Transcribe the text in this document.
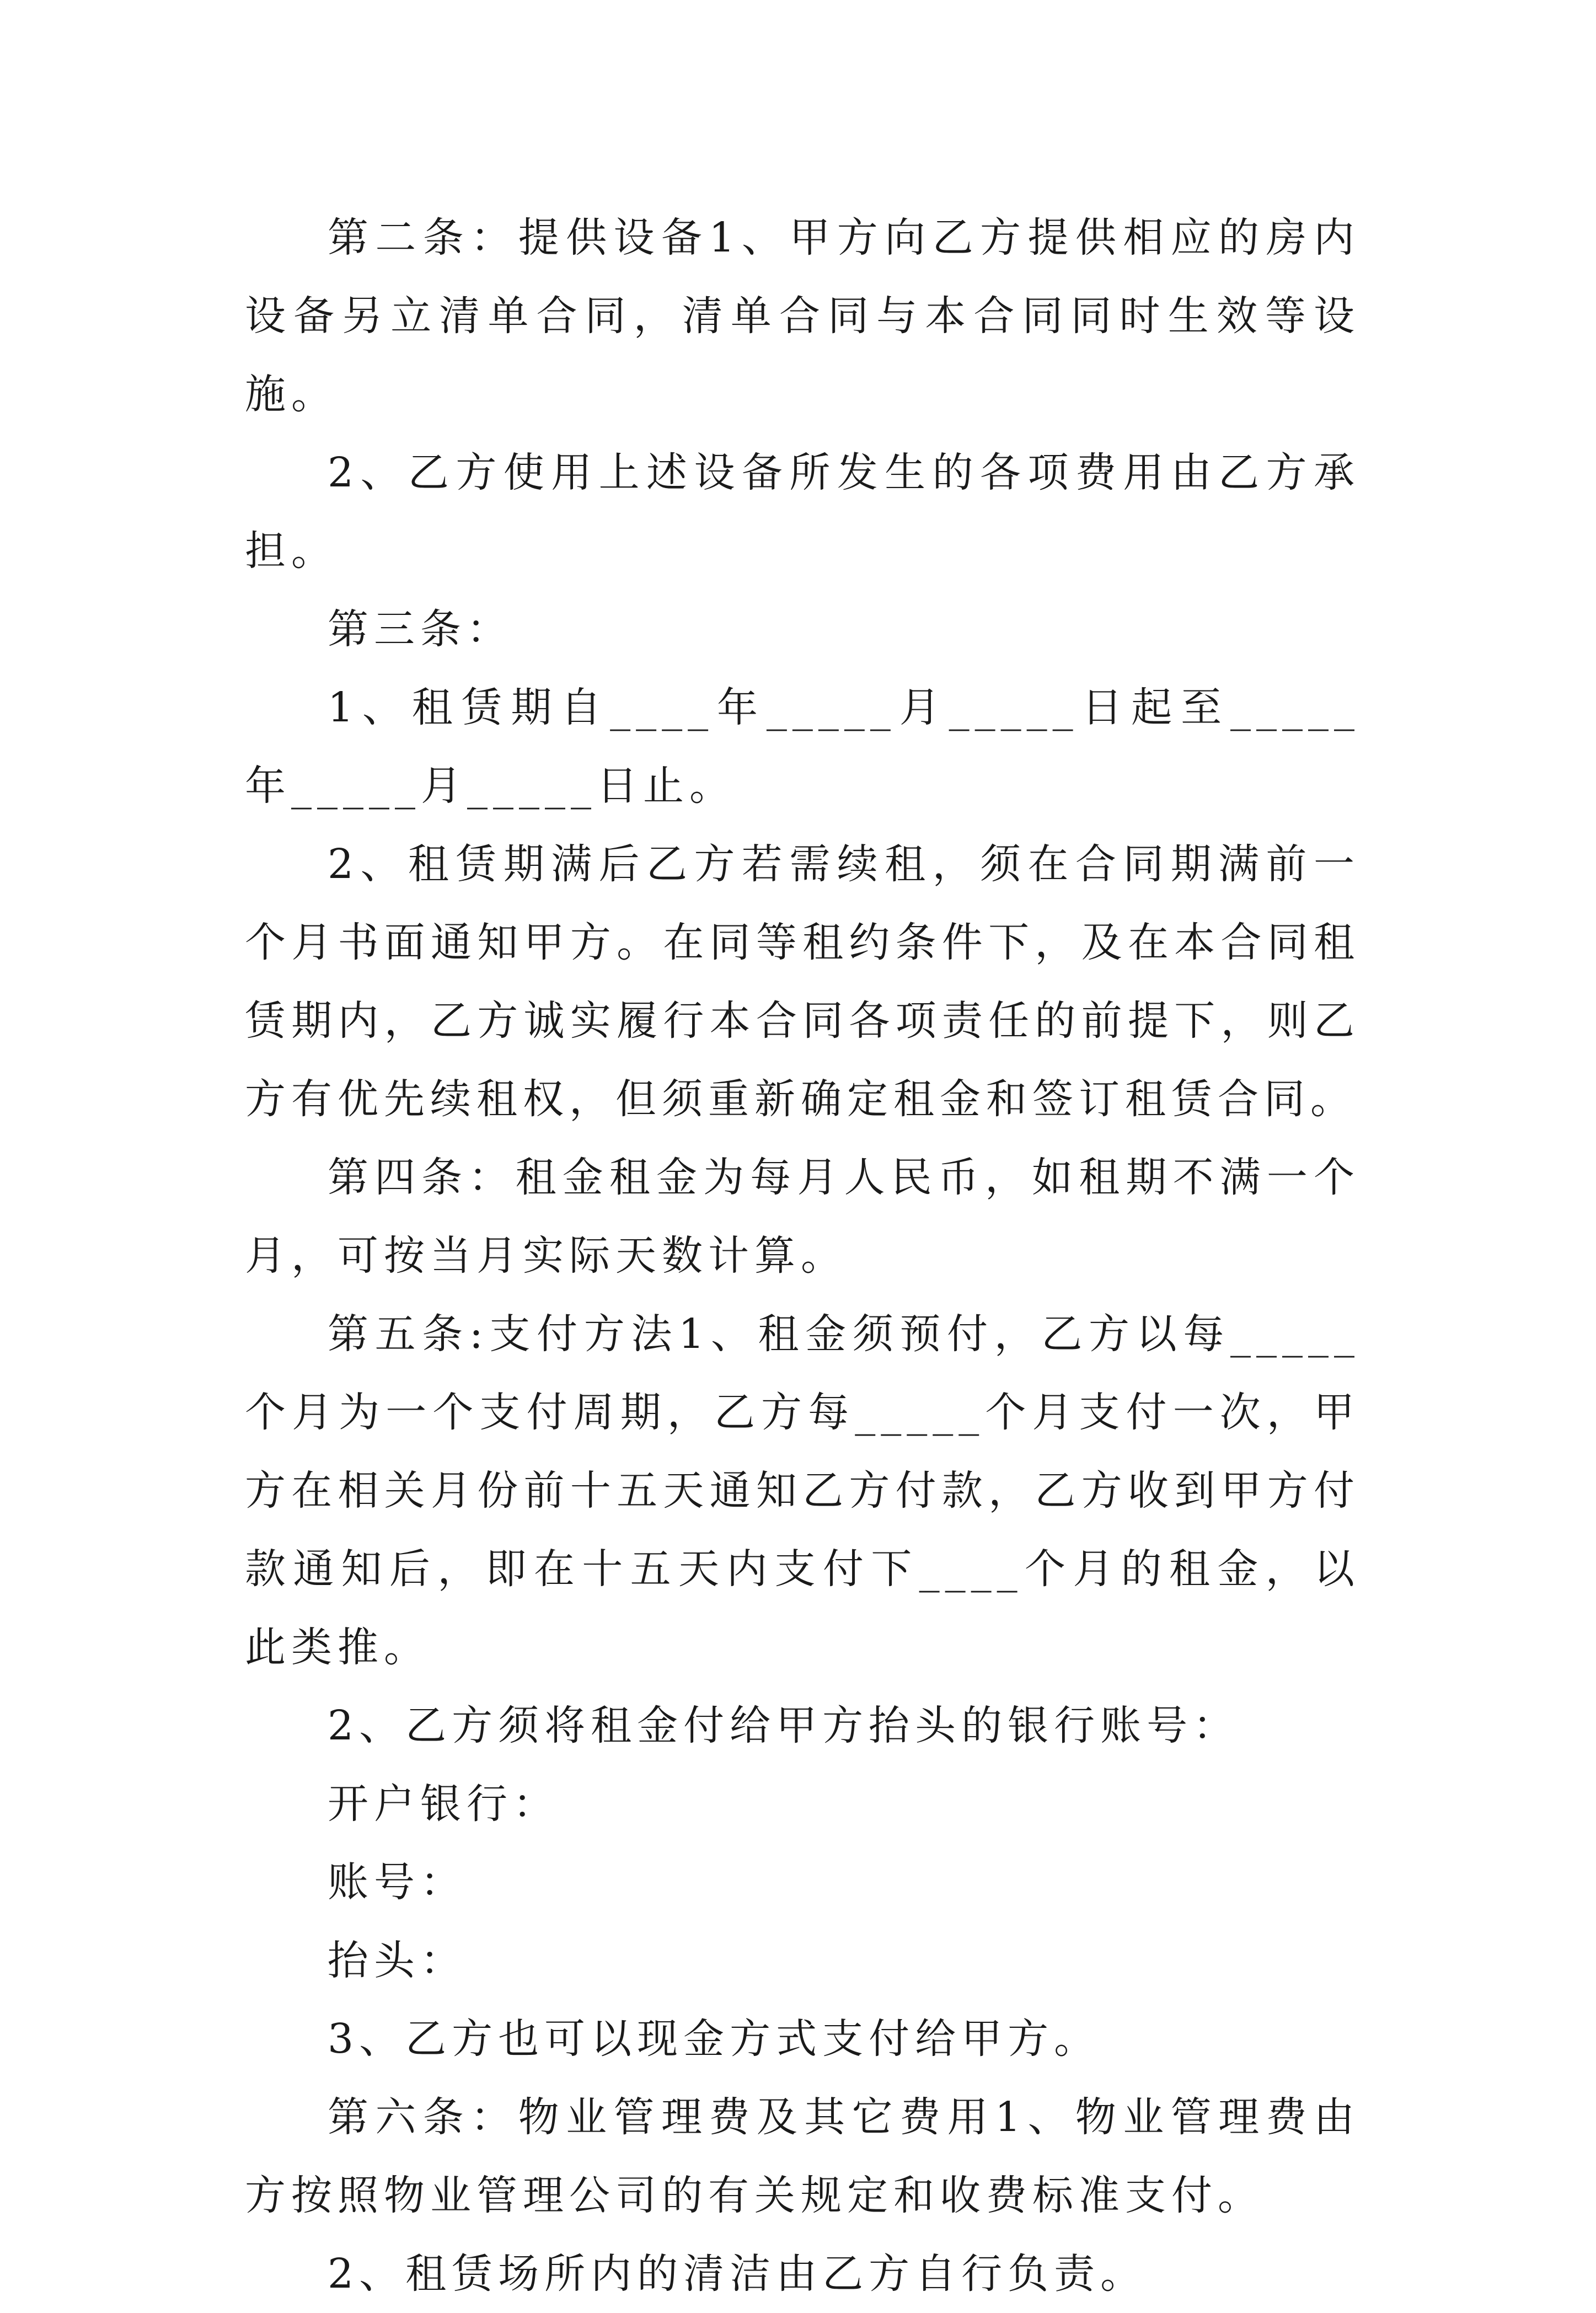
第二条：提供设备1、甲方向乙方提供相应的房内设备另立清单合同，清单合同与本合同同时生效等设施。

2、乙方使用上述设备所发生的各项费用由乙方承担。

第三条：

1、租赁期自____年_____月_____日起至_____年_____月_____日止。

2、租赁期满后乙方若需续租，须在合同期满前一个月书面通知甲方。在同等租约条件下，及在本合同租赁期内，乙方诚实履行本合同各项责任的前提下，则乙方有优先续租权，但须重新确定租金和签订租赁合同。

第四条：租金租金为每月人民币，如租期不满一个月，可按当月实际天数计算。

第五条:支付方法1、租金须预付，乙方以每_____个月为一个支付周期，乙方每_____个月支付一次，甲方在相关月份前十五天通知乙方付款，乙方收到甲方付款通知后，即在十五天内支付下____个月的租金，以此类推。

2、乙方须将租金付给甲方抬头的银行账号：

开户银行：

账号：

抬头：

3、乙方也可以现金方式支付给甲方。

第六条：物业管理费及其它费用1、物业管理费由方按照物业管理公司的有关规定和收费标准支付。

2、租赁场所内的清洁由乙方自行负责。
